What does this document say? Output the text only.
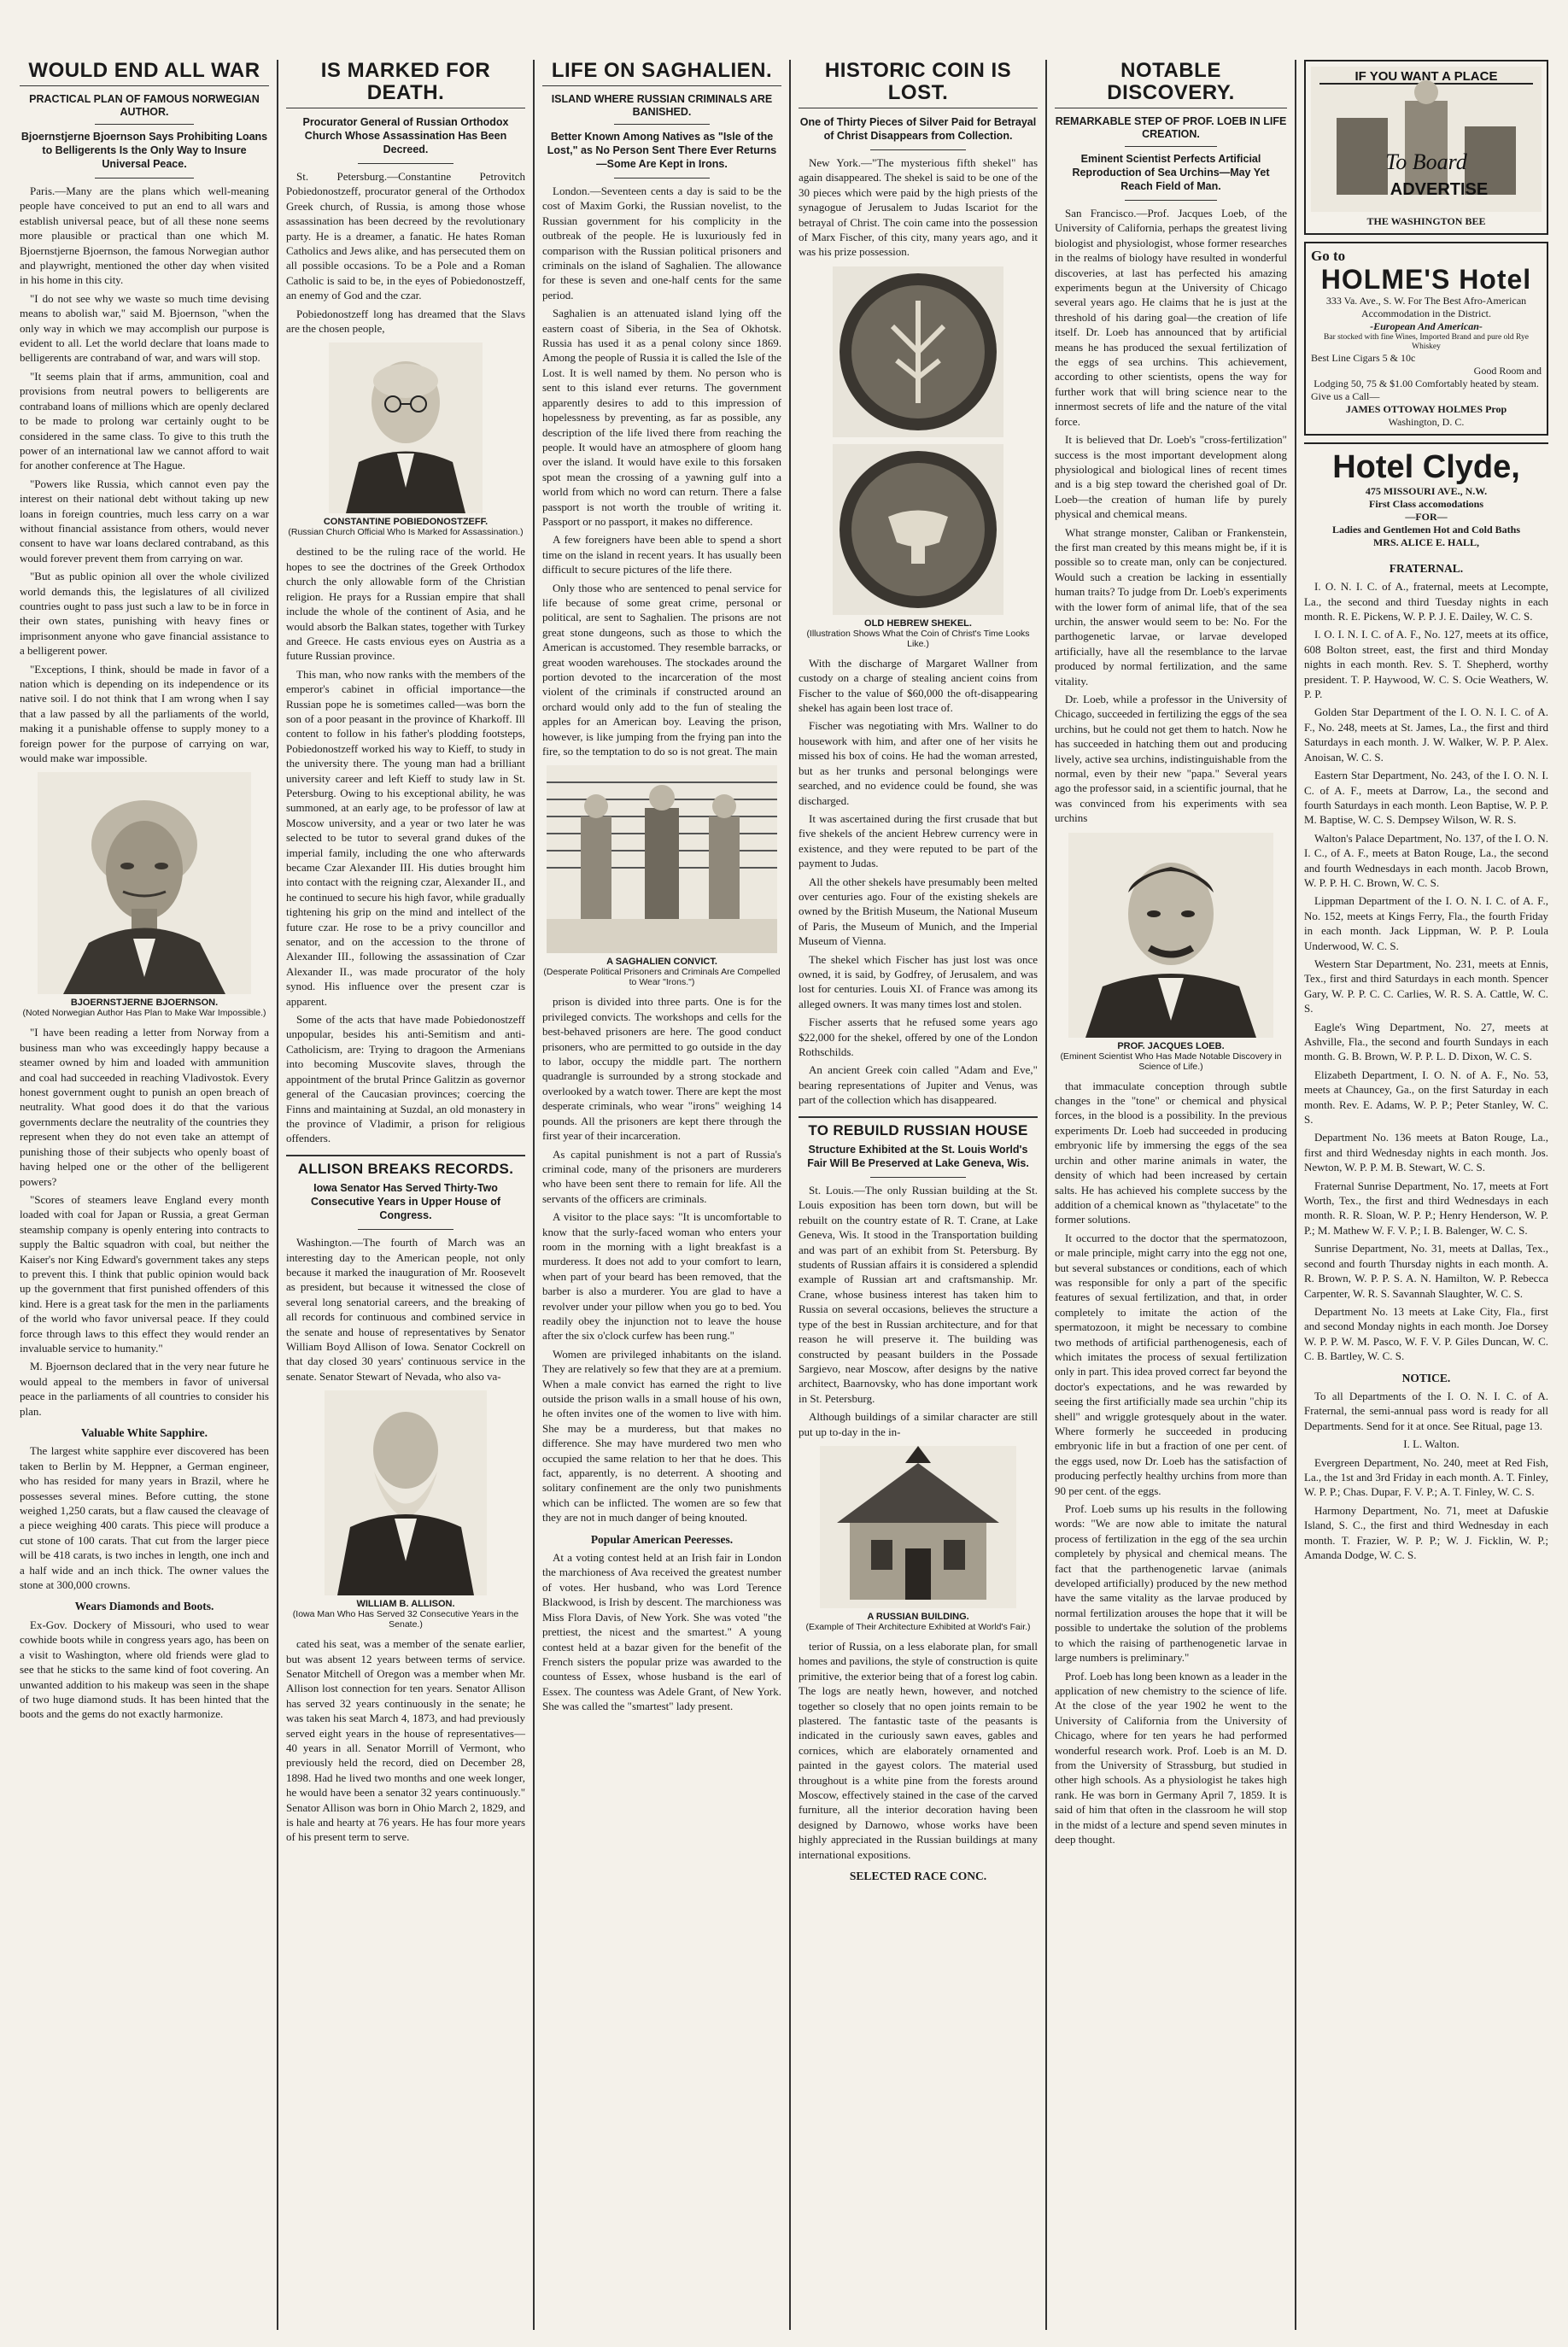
WOULD END ALL WAR
PRACTICAL PLAN OF FAMOUS NORWEGIAN AUTHOR.
Bjoernstjerne Bjoernson Says Prohibiting Loans to Belligerents Is the Only Way to Insure Universal Peace.

Paris.—Many are the plans which well-meaning people have conceived to put an end to all wars and establish universal peace, but of all these none seems more plausible or practical than one which M. Bjoernstjerne Bjoernson, the famous Norwegian author and playwright, mentioned the other day when visited in his home in this city.

"I do not see why we waste so much time devising means to abolish war," said M. Bjoernson, "when the only way in which we may accomplish our purpose is evident to all. Let the world declare that loans made to belligerents are contraband of war, and wars will stop.

"It seems plain that if arms, ammunition, coal and provisions from neutral powers to belligerents are contraband loans of millions which are openly declared to be made to prolong war certainly ought to be considered in the same class. To give to this truth the power of an international law we cannot afford to wait for another conference at The Hague.

"Powers like Russia, which cannot even pay the interest on their national debt without taking up new loans in foreign countries, much less carry on a war without financial assistance from others, would never consent to have war loans declared contraband, as this would forever prevent them from carrying on war.

"But as public opinion all over the whole civilized world demands this, the legislatures of all civilized countries ought to pass just such a law to be in force in their own states, punishing with heavy fines or imprisonment anyone who gave financial assistance to a belligerent power.

"Exceptions, I think, should be made in favor of a nation which is depending on its independence or its native soil. I do not think that I am wrong when I say that a law passed by all the parliaments of the world, making it a punishable offense to supply money to a foreign power for the purpose of carrying on war, would make war impossible.

BJOERNSTJERNE BJOERNSON.
(Noted Norwegian Author Has Plan to Make War Impossible.)

"I have been reading a letter from Norway from a business man who was exceedingly happy because a steamer owned by him and loaded with ammunition and coal had succeeded in reaching Vladivostok. Every honest government ought to punish an open breach of neutrality. What good does it do that the various governments declare the neutrality of the countries they represent when they do not even take an attempt of punishing those of their subjects who openly boast of having helped one or the other of the belligerent powers?

"Scores of steamers leave England every month loaded with coal for Japan or Russia, a great German steamship company is openly entering into contracts to supply the Baltic squadron with coal, but neither the Kaiser's nor King Edward's government takes any steps to prevent this. I think that public opinion would back up the government that first punished offenders of this kind. Here is a great task for the men in the parliaments of the world who favor universal peace. If they could force through laws to this effect they would render an invaluable service to humanity."

M. Bjoernson declared that in the very near future he would appeal to the members in favor of universal peace in the parliaments of all countries to consider his plan.

Valuable White Sapphire.

The largest white sapphire ever discovered has been taken to Berlin by M. Heppner, a German engineer, who has resided for many years in Brazil, where he possesses several mines. Before cutting, the stone weighed 1,250 carats, but a flaw caused the cleavage of a piece weighing 400 carats. This piece will produce a cut stone of 100 carats. That cut from the larger piece will be 418 carats, is two inches in length, one inch and a half wide and an inch thick. The owner values the stone at 300,000 crowns.

Wears Diamonds and Boots.

Ex-Gov. Dockery of Missouri, who used to wear cowhide boots while in congress years ago, has been on a visit to Washington, where old friends were glad to see that he sticks to the same kind of foot covering. An unwanted addition to his makeup was seen in the shape of two huge diamond studs. It has been hinted that the boots and the gems do not exactly harmonize.

IS MARKED FOR DEATH.
Procurator General of Russian Orthodox Church Whose Assassination Has Been Decreed.

St. Petersburg.—Constantine Petrovitch Pobiedonostzeff, procurator general of the Orthodox Greek church, of Russia, is among those whose assassination has been decreed by the revolutionary party. He is a dreamer, a fanatic. He hates Roman Catholics and Jews alike, and has persecuted them on all possible occasions. To be a Pole and a Roman Catholic is said to be, in the eyes of Pobiedonostzeff, an enemy of God and the czar.

Pobiedonostzeff long has dreamed that the Slavs are the chosen people,

CONSTANTINE POBIEDONOSTZEFF.
(Russian Church Official Who Is Marked for Assassination.)

destined to be the ruling race of the world. He hopes to see the doctrines of the Greek Orthodox church the only allowable form of the Christian religion. He prays for a Russian empire that shall include the whole of the continent of Asia, and he would absorb the Balkan states, together with Turkey and Greece. He casts envious eyes on Austria as a future Russian province.

This man, who now ranks with the members of the emperor's cabinet in official importance—the Russian pope he is sometimes called—was born the son of a poor peasant in the province of Kharkoff. Ill content to follow in his father's plodding footsteps, Pobiedonostzeff worked his way to Kieff, to study in the university there. The young man had a brilliant university career and left Kieff to study law in St. Petersburg. Owing to his exceptional ability, he was summoned, at an early age, to be professor of law at Moscow university, and a year or two later he was selected to be tutor to several grand dukes of the imperial family, including the one who afterwards became Czar Alexander III. His duties brought him into contact with the reigning czar, Alexander II., and he continued to secure his high favor, while gradually tightening his grip on the mind and intellect of the future czar. He rose to be a privy councillor and senator, and on the accession to the throne of Alexander III., following the assassination of Czar Alexander II., was made procurator of the holy synod. His influence over the present czar is apparent.

Some of the acts that have made Pobiedonostzeff unpopular, besides his anti-Semitism and anti-Catholicism, are: Trying to dragoon the Armenians into becoming Muscovite slaves, through the appointment of the brutal Prince Galitzin as governor general of the Caucasian provinces; coercing the Finns and maintaining at Suzdal, an old monastery in the province of Vladimir, a prison for religious offenders.

ALLISON BREAKS RECORDS.
Iowa Senator Has Served Thirty-Two Consecutive Years in Upper House of Congress.

Washington.—The fourth of March was an interesting day to the American people, not only because it marked the inauguration of Mr. Roosevelt as president, but because it witnessed the close of several long senatorial careers, and the breaking of all records for continuous and combined service in the senate and house of representatives by Senator William Boyd Allison of Iowa. Senator Cockrell on that day closed 30 years' continuous service in the senate. Senator Stewart of Nevada, who also va-

WILLIAM B. ALLISON.
(Iowa Man Who Has Served 32 Consecutive Years in the Senate.)

cated his seat, was a member of the senate earlier, but was absent 12 years between terms of service. Senator Mitchell of Oregon was a member when Mr. Allison lost connection for ten years. Senator Allison has served 32 years continuously in the senate; he was taken his seat March 4, 1873, and had previously served eight years in the house of representatives—40 years in all. Senator Morrill of Vermont, who previously held the record, died on December 28, 1898. Had he lived two months and one week longer, he would have been a senator 32 years continuously." Senator Allison was born in Ohio March 2, 1829, and is hale and hearty at 76 years. He has four more years of his present term to serve.

LIFE ON SAGHALIEN.
ISLAND WHERE RUSSIAN CRIMINALS ARE BANISHED.
Better Known Among Natives as "Isle of the Lost," as No Person Sent There Ever Returns—Some Are Kept in Irons.

London.—Seventeen cents a day is said to be the cost of Maxim Gorki, the Russian novelist, to the Russian government for his complicity in the outbreak of the people. He is luxuriously fed in comparison with the Russian political prisoners and criminals on the island of Saghalien. The allowance for these is seven and one-half cents for the same period.

Saghalien is an attenuated island lying off the eastern coast of Siberia, in the Sea of Okhotsk. Russia has used it as a penal colony since 1869. Among the people of Russia it is called the Isle of the Lost. It is well named by them. No person who is sent to this island ever returns. The government apparently desires to add to this impression of hopelessness by preventing, as far as possible, any description of the life lived there from reaching the people. It would have an atmosphere of gloom hang over the island. It would have exile to this forsaken spot mean the crossing of a yawning gulf into a world from which no word can return. There a false passport is not worth the trouble of writing it. Passport or no passport, it makes no difference.

A few foreigners have been able to spend a short time on the island in recent years. It has usually been difficult to secure pictures of the life there.

Only those who are sentenced to penal service for life because of some great crime, personal or political, are sent to Saghalien. The prisons are not great stone dungeons, such as those to which the American is accustomed. They resemble barracks, or great wooden warehouses. The stockades around the portion devoted to the incarceration of the most violent of the criminals if constructed around an orchard would only add to the fun of stealing the apples for an American boy. Leaving the prison, however, is like jumping from the frying pan into the fire, so the temptation to do so is not great. The main

A SAGHALIEN CONVICT.
(Desperate Political Prisoners and Criminals Are Compelled to Wear "Irons.")

prison is divided into three parts. One is for the privileged convicts. The workshops and cells for the best-behaved prisoners are here. The good conduct prisoners, who are permitted to go outside in the day to labor, occupy the middle part. The northern quadrangle is surrounded by a strong stockade and overlooked by a watch tower. There are kept the most desperate criminals, who wear "irons" weighing 14 pounds. All the prisoners are kept there through the first year of their incarceration.

As capital punishment is not a part of Russia's criminal code, many of the prisoners are murderers who have been sent there to remain for life. All the servants of the officers are criminals.

A visitor to the place says: "It is uncomfortable to know that the surly-faced woman who enters your room in the morning with a light breakfast is a murderess. It does not add to your comfort to learn, when part of your beard has been removed, that the barber is also a murderer. You are glad to have a revolver under your pillow when you go to bed. You readily obey the injunction not to leave the house after the six o'clock curfew has been rung."

Women are privileged inhabitants on the island. They are relatively so few that they are at a premium. When a male convict has earned the right to live outside the prison walls in a small house of his own, he often invites one of the women to live with him. She may be a murderess, but that makes no difference. She may have murdered two men who occupied the same relation to her that he does. This fact, apparently, is no deterrent. A shooting and solitary confinement are the only two punishments which can be inflicted. The women are so few that they are not in much danger of being knouted.

Popular American Peeresses.

At a voting contest held at an Irish fair in London the marchioness of Ava received the greatest number of votes. Her husband, who was Lord Terence Blackwood, is Irish by descent. The marchioness was Miss Flora Davis, of New York. She was voted "the prettiest, the nicest and the smartest." A young contest held at a bazar given for the benefit of the French sisters the popular prize was awarded to the countess of Essex, whose husband is the earl of Essex. The countess was Adele Grant, of New York. She was called the "smartest" lady present.

HISTORIC COIN IS LOST.
One of Thirty Pieces of Silver Paid for Betrayal of Christ Disappears from Collection.

New York.—"The mysterious fifth shekel" has again disappeared. The shekel is said to be one of the 30 pieces which were paid by the high priests of the synagogue of Jerusalem to Judas Iscariot for the betrayal of Christ. The coin came into the possession of Marx Fischer, of this city, many years ago, and it was his prize possession.

OLD HEBREW SHEKEL.
(Illustration Shows What the Coin of Christ's Time Looks Like.)

With the discharge of Margaret Wallner from custody on a charge of stealing ancient coins from Fischer to the value of $60,000 the oft-disappearing shekel has again been lost trace of.

Fischer was negotiating with Mrs. Wallner to do housework with him, and after one of her visits he missed his box of coins. He had the woman arrested, but as her trunks and personal belongings were searched, and no evidence could be found, she was discharged.

It was ascertained during the first crusade that but five shekels of the ancient Hebrew currency were in existence, and they were reputed to be part of the payment to Judas.

All the other shekels have presumably been melted over centuries ago. Four of the existing shekels are owned by the British Museum, the National Museum of Paris, the Museum of Munich, and the Imperial Museum of Vienna.

The shekel which Fischer has just lost was once owned, it is said, by Godfrey, of Jerusalem, and was lost for centuries. Louis XI. of France was among its alleged owners. It was many times lost and stolen.

Fischer asserts that he refused some years ago $22,000 for the shekel, offered by one of the London Rothschilds.

An ancient Greek coin called "Adam and Eve," bearing representations of Jupiter and Venus, was part of the collection which has disappeared.

TO REBUILD RUSSIAN HOUSE
Structure Exhibited at the St. Louis World's Fair Will Be Preserved at Lake Geneva, Wis.

St. Louis.—The only Russian building at the St. Louis exposition has been torn down, but will be rebuilt on the country estate of R. T. Crane, at Lake Geneva, Wis. It stood in the Transportation building and was part of an exhibit from St. Petersburg. By students of Russian affairs it is considered a splendid example of Russian art and craftsmanship. Mr. Crane, whose business interest has taken him to Russia on several occasions, believes the structure a type of the best in Russian architecture, and for that reason he will preserve it. The building was constructed by peasant builders in the Possade Sargievo, near Moscow, after designs by the native architect, Baarnovsky, who has done important work in St. Petersburg.

Although buildings of a similar character are still put up to-day in the in-

A RUSSIAN BUILDING.
(Example of Their Architecture Exhibited at World's Fair.)

terior of Russia, on a less elaborate plan, for small homes and pavilions, the style of construction is quite primitive, the exterior being that of a forest log cabin. The logs are neatly hewn, however, and notched together so closely that no open joints remain to be plastered. The fantastic taste of the peasants is indicated in the curiously sawn eaves, gables and cornices, which are elaborately ornamented and painted in the gayest colors. The material used throughout is a white pine from the forests around Moscow, effectively stained in the case of the carved furniture, all the interior decoration having been designed by Darnowo, whose works have been highly appreciated in the Russian buildings at many international expositions.

SELECTED RACE CONC.
NOTABLE DISCOVERY.
REMARKABLE STEP OF PROF. LOEB IN LIFE CREATION.
Eminent Scientist Perfects Artificial Reproduction of Sea Urchins—May Yet Reach Field of Man.

San Francisco.—Prof. Jacques Loeb, of the University of California, perhaps the greatest living biologist and physiologist, whose former researches in the realms of biology have resulted in wonderful discoveries, at last has perfected his amazing experiments begun at the University of Chicago several years ago. He claims that he is just at the threshold of his daring goal—the creation of life itself. Dr. Loeb has announced that by artificial means he has produced the sexual fertilization of the eggs of sea urchins. This achievement, according to other scientists, opens the way for further work that will bring science near to the innermost secrets of life and the nature of the vital force.

It is believed that Dr. Loeb's "cross-fertilization" success is the most important development along physiological and biological lines of recent times and is a big step toward the cherished goal of Dr. Loeb—the creation of human life by purely physical and chemical means.

What strange monster, Caliban or Frankenstein, the first man created by this means might be, if it is possible so to create man, only can be conjectured. Would such a creation be lacking in essentially human traits? To judge from Dr. Loeb's experiments with the lower form of animal life, that of the sea urchin, the answer would seem to be: No. For the parthogenetic larvae, or larvae developed artificially, have all the resemblance to the larvae produced by normal fertilization, and the same vitality.

Dr. Loeb, while a professor in the University of Chicago, succeeded in fertilizing the eggs of the sea urchins, but he could not get them to hatch. Now he has succeeded in hatching them out and producing lively, active sea urchins, indistinguishable from the normal, even by their new "papa." Several years ago the professor said, in a scientific journal, that he was convinced from his experiments with sea urchins

PROF. JACQUES LOEB.
(Eminent Scientist Who Has Made Notable Discovery in Science of Life.)

that immaculate conception through subtle changes in the "tone" or chemical and physical forces, in the blood is a possibility. In the previous experiments Dr. Loeb had succeeded in producing embryonic life by immersing the eggs of the sea urchin and other marine animals in water, the density of which had been increased by certain salts. He has achieved his complete success by the addition of a chemical known as "thylacetate" to the former solutions.

It occurred to the doctor that the spermatozoon, or male principle, might carry into the egg not one, but several substances or conditions, each of which was responsible for only a part of the specific features of sexual fertilization, and that, in order completely to imitate the action of the spermatozoon, it might be necessary to combine two methods of artificial parthenogenesis, each of which imitates the process of sexual fertilization only in part. This idea proved correct far beyond the doctor's expectations, and he was rewarded by seeing the first artificially made sea urchin "chip its shell" and wriggle grotesquely about in the water. Where formerly he succeeded in producing embryonic life in but a fraction of one per cent. of the eggs used, now Dr. Loeb has the satisfaction of producing perfectly healthy urchins from more than 90 per cent. of the eggs.

Prof. Loeb sums up his results in the following words: "We are now able to imitate the natural process of fertilization in the egg of the sea urchin completely by physical and chemical means. The fact that the parthenogenetic larvae (animals developed artificially) produced by the new method have the same vitality as the larvae produced by normal fertilization arouses the hope that it will be possible to undertake the solution of the problems to which the raising of parthenogenetic larvae in large numbers is preliminary."

Prof. Loeb has long been known as a leader in the application of new chemistry to the science of life. At the close of the year 1902 he went to the University of California from the University of Chicago, where for ten years he had performed wonderful research work. Prof. Loeb is an M. D. from the University of Strassburg, but studied in other high schools. As a physiologist he takes high rank. He was born in Germany April 7, 1859. It is said of him that often in the classroom he will stop in the midst of a lecture and spend seven minutes in deep thought.

IF YOU WANT A PLACE
To Board
ADVERTISE
THE WASHINGTON BEE
Go to
HOLME'S Hotel
333 Va. Ave., S. W. For The Best Afro-American Accommodation in the District.
-European And American-
Bar stocked with fine Wines, Imported Brand and pure old Rye Whiskey
Best Line Cigars 5 & 10c
Good Room and
Lodging 50, 75 & $1.00 Comfortably heated by steam.
Give us a Call—
JAMES OTTOWAY HOLMES Prop
Washington, D. C.
Hotel Clyde,
475 MISSOURI AVE., N.W.
First Class accomodations
—FOR—
Ladies and Gentlemen Hot and Cold Baths
MRS. ALICE E. HALL,
FRATERNAL.

I. O. N. I. C. of A., fraternal, meets at Lecompte, La., the second and third Tuesday nights in each month. R. E. Pickens, W. P. P. J. E. Dailey, W. C. S.

I. O. I. N. I. C. of A. F., No. 127, meets at its office, 608 Bolton street, east, the first and third Monday nights in each month. Rev. S. T. Shepherd, worthy president. T. P. Haywood, W. C. S. Ocie Weathers, W. P. P.

Golden Star Department of the I. O. N. I. C. of A. F., No. 248, meets at St. James, La., the first and third Saturdays in each month. J. W. Walker, W. P. P. Alex. Anoisan, W. C. S.

Eastern Star Department, No. 243, of the I. O. N. I. C. of A. F., meets at Darrow, La., the second and fourth Saturdays in each month. Leon Baptise, W. P. P. M. Baptise, W. C. S. Dempsey Wilson, W. R. S.

Walton's Palace Department, No. 137, of the I. O. N. I. C., of A. F., meets at Baton Rouge, La., the second and fourth Wednesdays in each month. Jacob Brown, W. P. P. H. C. Brown, W. C. S.

Lippman Department of the I. O. N. I. C. of A. F., No. 152, meets at Kings Ferry, Fla., the fourth Friday in each month. Jack Lippman, W. P. P. Loula Underwood, W. C. S.

Western Star Department, No. 231, meets at Ennis, Tex., first and third Saturdays in each month. Spencer Gary, W. P. P. C. C. Carlies, W. R. S. A. Cattle, W. C. S.

Eagle's Wing Department, No. 27, meets at Ashville, Fla., the second and fourth Sundays in each month. G. B. Brown, W. P. P. L. D. Dixon, W. C. S.

Elizabeth Department, I. O. N. of A. F., No. 53, meets at Chauncey, Ga., on the first Saturday in each month. Rev. E. Adams, W. P. P.; Peter Stanley, W. C. S.

Department No. 136 meets at Baton Rouge, La., first and third Wednesday nights in each month. Jos. Newton, W. P. P. M. B. Stewart, W. C. S.

Fraternal Sunrise Department, No. 17, meets at Fort Worth, Tex., the first and third Wednesdays in each month. R. R. Sloan, W. P. P.; Henry Henderson, W. P. P.; M. Mathew W. F. V. P.; I. B. Balenger, W. C. S.

Sunrise Department, No. 31, meets at Dallas, Tex., second and fourth Thursday nights in each month. A. R. Brown, W. P. P. S. A. N. Hamilton, W. P. Rebecca Carpenter, W. R. S. Savannah Slaughter, W. C. S.

Department No. 13 meets at Lake City, Fla., first and second Monday nights in each month. Joe Dorsey W. P. P. W. M. Pasco, W. F. V. P. Giles Duncan, W. C. C. B. Bartley, W. C. S.

NOTICE.

To all Departments of the I. O. N. I. C. of A. Fraternal, the semi-annual pass word is ready for all Departments. Send for it at once. See Ritual, page 13.

I. L. Walton.

Evergreen Department, No. 240, meet at Red Fish, La., the 1st and 3rd Friday in each month. A. T. Finley, W. P. P.; Chas. Dupar, F. V. P.; A. T. Finley, W. C. S.

Harmony Department, No. 71, meet at Dafuskie Island, S. C., the first and third Wednesday in each month. T. Frazier, W. P. P.; W. J. Ficklin, W. P.; Amanda Dodge, W. C. S.
